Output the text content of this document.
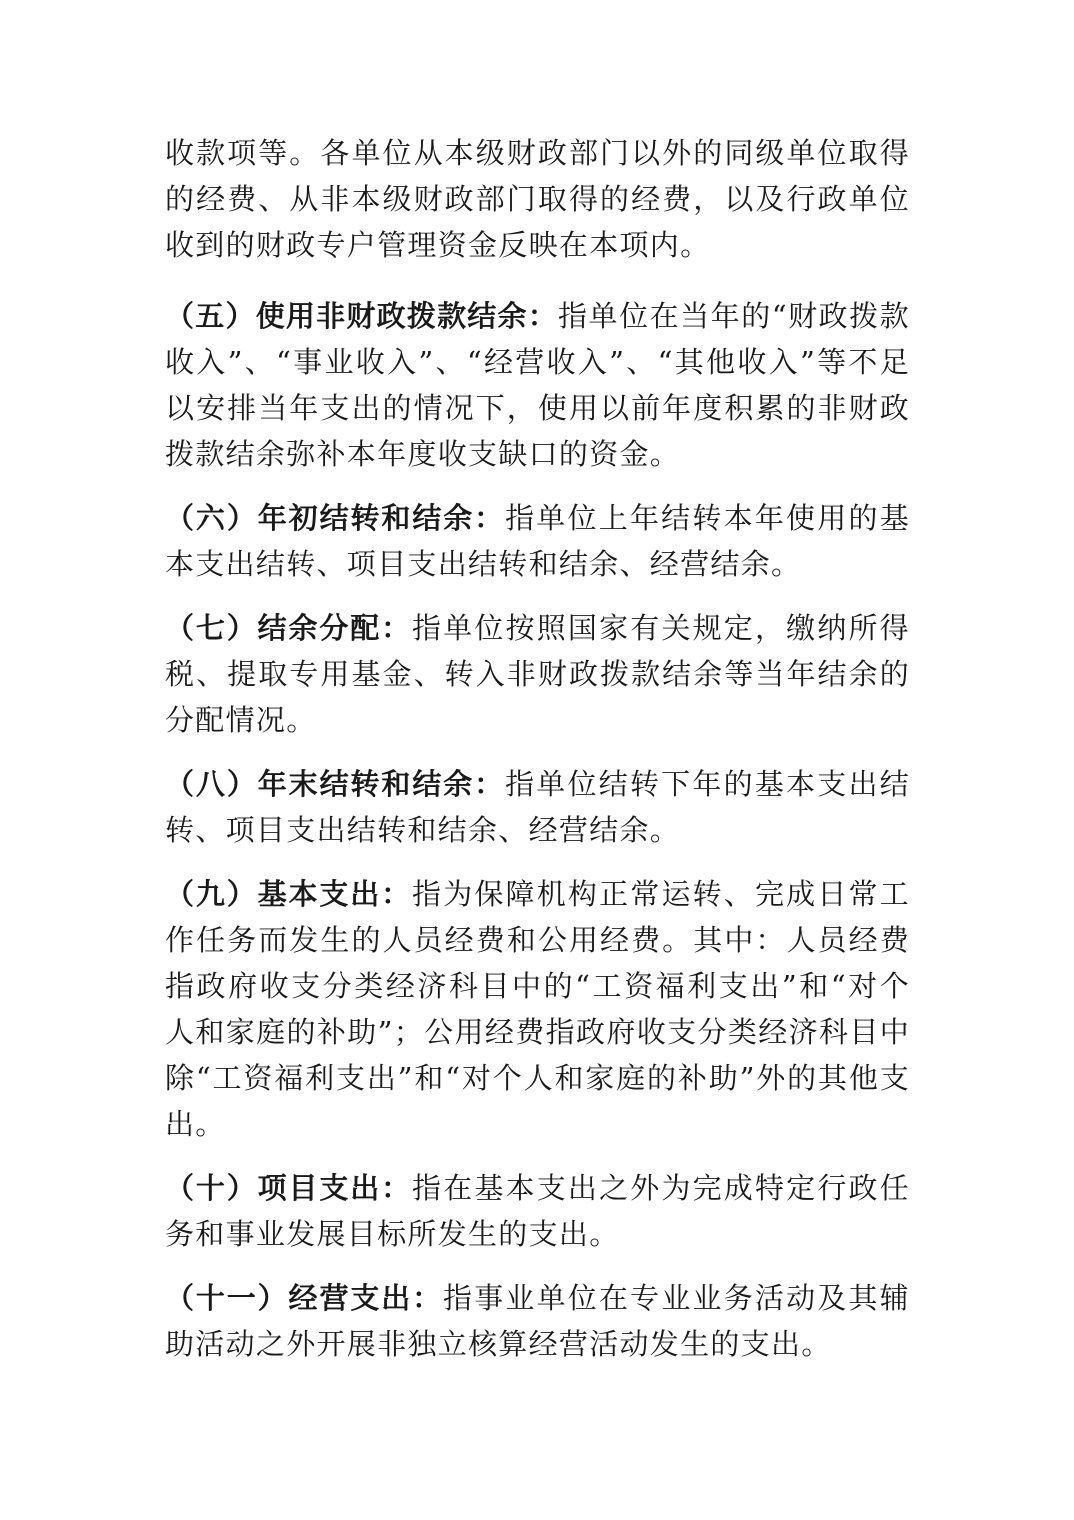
收款项等。各单位从本级财政部门以外的同级单位取得的经费、从非本级财政部门取得的经费，以及行政单位收到的财政专户管理资金反映在本项内。

（五）使用非财政拨款结余：指单位在当年的“财政拨款收入”、“事业收入”、“经营收入”、“其他收入”等不足以安排当年支出的情况下，使用以前年度积累的非财政拨款结余弥补本年度收支缺口的资金。

（六）年初结转和结余：指单位上年结转本年使用的基本支出结转、项目支出结转和结余、经营结余。

（七）结余分配：指单位按照国家有关规定，缴纳所得税、提取专用基金、转入非财政拨款结余等当年结余的分配情况。

（八）年末结转和结余：指单位结转下年的基本支出结转、项目支出结转和结余、经营结余。

（九）基本支出：指为保障机构正常运转、完成日常工作任务而发生的人员经费和公用经费。其中：人员经费指政府收支分类经济科目中的“工资福利支出”和“对个人和家庭的补助”；公用经费指政府收支分类经济科目中除“工资福利支出”和“对个人和家庭的补助”外的其他支出。

（十）项目支出：指在基本支出之外为完成特定行政任务和事业发展目标所发生的支出。

（十一）经营支出：指事业单位在专业业务活动及其辅助活动之外开展非独立核算经营活动发生的支出。
